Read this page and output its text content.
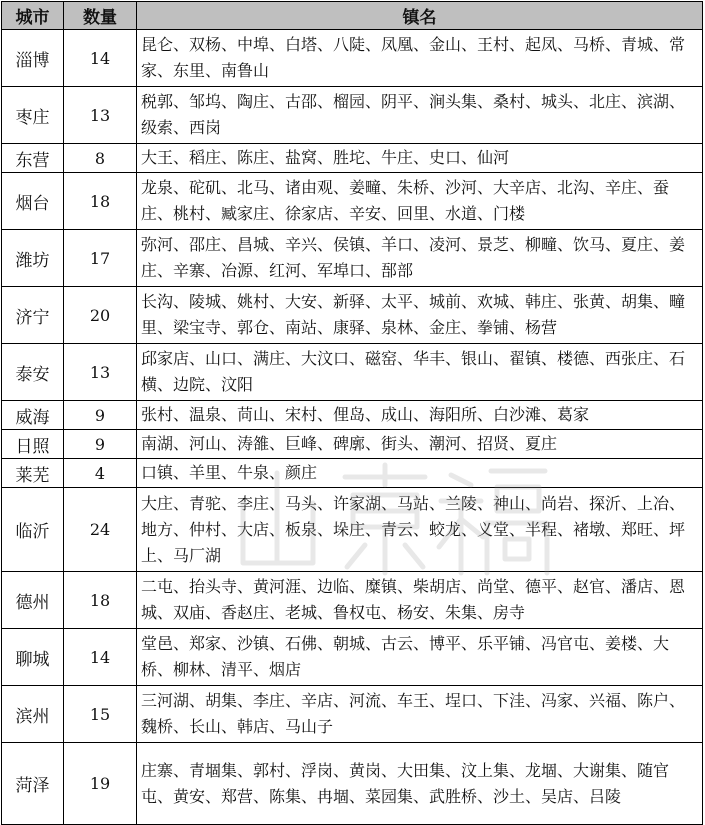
城市	数量	镇名
淄博	14	昆仑、双杨、中埠、白塔、八陡、凤凰、金山、王村、起凤、马桥、青城、常家、东里、南鲁山
枣庄	13	税郭、邹坞、陶庄、古邵、榴园、阴平、涧头集、桑村、城头、北庄、滨湖、级索、西岗
东营	8	大王、稻庄、陈庄、盐窝、胜坨、牛庄、史口、仙河
烟台	18	龙泉、砣矶、北马、诸由观、姜疃、朱桥、沙河、大辛店、北沟、辛庄、蚕庄、桃村、臧家庄、徐家店、辛安、回里、水道、门楼
潍坊	17	弥河、邵庄、昌城、辛兴、侯镇、羊口、凌河、景芝、柳疃、饮马、夏庄、姜庄、辛寨、冶源、红河、军埠口、郚部
济宁	20	长沟、陵城、姚村、大安、新驿、太平、城前、欢城、韩庄、张黄、胡集、疃里、梁宝寺、郭仓、南站、康驿、泉林、金庄、拳铺、杨营
泰安	13	邱家店、山口、满庄、大汶口、磁窑、华丰、银山、翟镇、楼德、西张庄、石横、边院、汶阳
威海	9	张村、温泉、苘山、宋村、俚岛、成山、海阳所、白沙滩、葛家
日照	9	南湖、河山、涛雒、巨峰、碑廓、街头、潮河、招贤、夏庄
莱芜	4	口镇、羊里、牛泉、颜庄
临沂	24	大庄、青驼、李庄、马头、许家湖、马站、兰陵、神山、尚岩、探沂、上冶、地方、仲村、大店、板泉、垛庄、青云、蛟龙、义堂、半程、褚墩、郑旺、坪上、马厂湖
德州	18	二屯、抬头寺、黄河涯、边临、糜镇、柴胡店、尚堂、德平、赵官、潘店、恩城、双庙、香赵庄、老城、鲁权屯、杨安、朱集、房寺
聊城	14	堂邑、郑家、沙镇、石佛、朝城、古云、博平、乐平铺、冯官屯、姜楼、大桥、柳林、清平、烟店
滨州	15	三河湖、胡集、李庄、辛店、河流、车王、埕口、下洼、冯家、兴福、陈户、魏桥、长山、韩店、马山子
菏泽	19	庄寨、青堌集、郭村、浮岗、黄岗、大田集、汶上集、龙堌、大谢集、随官屯、黄安、郑营、陈集、冉堌、菜园集、武胜桥、沙土、吴店、吕陵
